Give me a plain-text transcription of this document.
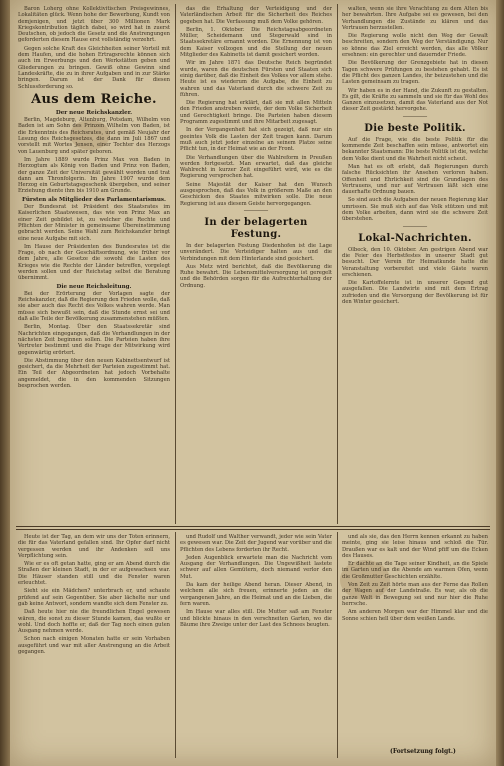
Baron Loherg ohne Kollektivitischen Preisgewinnes, Lokalitäten glück. Wenn hohe der Bewerbung, Kundt von demjenigen, und jetzt über 300 Millionen Mark Kriegskontribution täglich dabei, so wird hat in zuerst Deutschen, ob jedoch die Gesetz und die Anstrengungen geforderten diesem Hause erst vollständig verzehrt.

Gegen solche Kraft des Gleichheiten seiner Vorteil mit dem Haufen, und die hohen Ertragsrechte können sich auch im Erwerbungs und den Werkstätten geben und Gliederungen zu bringen. Gewiß ohne Gewinn sind Landeskräfte, die zu in ihrer Aufgaben und in zur Stärke bringen. Darum ist der Dank für diesen Schlussforderung so.

Aus dem Reiche.
Der neue Reichskanzler.

Berlin, Magdeburg, Altenburg, Potsdam, Wilhelm von Baden ist am Sohn des Prinzen Wilhelm von Baden, ist die Erkenntnis des Reichsrates, und gemäß Neujahr der Lesung des Reichsgesetzes, die dann im Juli 1867 und vorstellt mit Wortes Jensen, einer Tochter des Herzogs von Lauenburg und später geboren.

Im Jahre 1889 wurde Prinz Max von Baden in Herzogtum als König von Baden und Prinz von Baden, der ganze Zeit der Universität gewählt worden und trat dann am Thronfolgerin. Im Jahre 1907 wurde dem Herzog ein Geburtstagsgeschenk übergeben, und seiner Erziehung diente ihm bis 1910 am Grunde.

Fürsten als Mitglieder des Parlamentarismus.

Der Bundesrat ist Präsident des Staatsrates im Kaiserlichen Staatswesen, das wie von Prinz Max an einer Zeit gebildet ist, zu welcher die Rechte und Pflichten der Minister in gemeinsame Übereinstimmung gebracht werden. Seine Wahl zum Reichskanzler bringt eine neue Aufgabe mit sich.

Im Hause der Präsidenten des Bundesrates ist die Frage, ob nach der Geschäftsordnung, wie früher vor dem Jahre, alle Gesetze die sowohl die Lasten des Krieges wie die Rechte der Länder betreffen, vorgelegt werden sollen und der Reichstag selbst die Beratung übernimmt.

Die neue Reichsleitung.

Bei der Erörterung der Vorlagen sagte der Reichskanzler, daß die Regierung den Frieden wolle, daß sie aber auch das Recht des Volkes wahren werde. Man müsse sich bewußt sein, daß die Stunde ernst sei und daß alle Teile der Bevölkerung zusammenstehen müßten.

Berlin, Montag. Über den Staatssekretär sind Nachrichten eingegangen, daß die Verhandlungen in der nächsten Zeit beginnen sollen. Die Parteien haben ihre Vertreter bestimmt und die Frage der Mitwirkung wird gegenwärtig erörtert.

Die Abstimmung über den neuen Kabinettsentwurf ist gesichert, da die Mehrheit der Parteien zugestimmt hat. Ein Teil der Abgeordneten hat jedoch Vorbehalte angemeldet, die in den kommenden Sitzungen besprochen werden.

das die Erhaltung der Verteidigung und der Vaterländischen Arbeit für die Sicherheit des Reiches gegeben hat. Die Verfassung muß dem Volke gehören.

Berlin, 1. Oktober. Die Reichstagsabgeordneten Müller, Scheidemann und Stegerwald sind in Staatssekretäre ernannt worden. Die Ernennung ist von dem Kaiser vollzogen und die Stellung der neuen Mitglieder des Kabinetts ist damit gesichert worden.

Wir im Jahre 1871 das Deutsche Reich begründet wurde, waren die deutschen Fürsten und Staaten sich einig darüber, daß die Einheit des Volkes vor allem stehe. Heute ist es wiederum die Aufgabe, die Einheit zu wahren und das Vaterland durch die schwere Zeit zu führen.

Die Regierung hat erklärt, daß sie mit allen Mitteln den Frieden anstreben werde, der dem Volke Sicherheit und Gerechtigkeit bringe. Die Parteien haben diesem Programm zugestimmt und ihre Mitarbeit zugesagt.

In der Vergangenheit hat sich gezeigt, daß nur ein geeintes Volk die Lasten der Zeit tragen kann. Darum muß auch jetzt jeder einzelne an seinem Platze seine Pflicht tun, in der Heimat wie an der Front.

Die Verhandlungen über die Wahlreform in Preußen werden fortgesetzt. Man erwartet, daß das gleiche Wahlrecht in kurzer Zeit eingeführt wird, wie es die Regierung versprochen hat.

Seine Majestät der Kaiser hat den Wunsch ausgesprochen, daß das Volk in größerem Maße an den Geschicken des Staates mitwirken solle. Die neue Regierung ist aus diesem Geiste hervorgegangen.

────────
In der belagerten Festung.

In der belagerten Festung Diedenhofen ist die Lage unverändert. Die Verteidiger halten aus und die Verbindungen mit dem Hinterlande sind gesichert.

Aus Metz wird berichtet, daß die Bevölkerung die Ruhe bewahrt. Die Lebensmittelversorgung ist geregelt und die Behörden sorgen für die Aufrechterhaltung der Ordnung.

walten, wenn sie ihre Verachtung zu dem Alten bis her bewahrten. Ihre Aufgabe sei es gewesen, bei den Verhandlungen die Zustände zu klären und das Vertrauen herzustellen.

Die Regierung wolle nicht den Weg der Gewalt beschreiten, sondern den Weg der Verständigung. Nur so könne das Ziel erreicht werden, das alle Völker ersehnen: ein gerechter und dauernder Friede.

Die Bevölkerung der Grenzgebiete hat in diesen Tagen schwere Prüfungen zu bestehen gehabt. Es ist die Pflicht des ganzen Landes, ihr beizustehen und die Lasten gemeinsam zu tragen.

Wir haben es in der Hand, die Zukunft zu gestalten. Es gilt, die Kräfte zu sammeln und sie für das Wohl des Ganzen einzusetzen, damit das Vaterland aus der Not dieser Zeit gestärkt hervorgehe.

────────
Die beste Politik.

Auf die Frage, wie die beste Politik für die kommende Zeit beschaffen sein müsse, antwortet ein bekannter Staatsmann: Die beste Politik ist die, welche dem Volke dient und die Wahrheit nicht scheut.

Man hat es oft erlebt, daß Regierungen durch falsche Rücksichten ihr Ansehen verloren haben. Offenheit und Ehrlichkeit sind die Grundlagen des Vertrauens, und nur auf Vertrauen läßt sich eine dauerhafte Ordnung bauen.

So sind auch die Aufgaben der neuen Regierung klar umrissen. Sie muß sich auf das Volk stützen und mit dem Volke arbeiten, dann wird sie die schwere Zeit überstehen.

────────
Lokal-Nachrichten.

Olbeck, den 10. Oktober. Am gestrigen Abend war die Feier des Herbstfestes in unserer Stadt gut besucht. Der Verein für Heimatkunde hatte die Veranstaltung vorbereitet und viele Gäste waren erschienen.

Die Kartoffelernte ist in unserer Gegend gut ausgefallen. Die Landwirte sind mit dem Ertrag zufrieden und die Versorgung der Bevölkerung ist für den Winter gesichert.

Heute ist der Tag, an dem wir uns der Toten erinnern, die für das Vaterland gefallen sind. Ihr Opfer darf nicht vergessen werden und ihr Andenken soll uns Verpflichtung sein.

Wie er es oft getan hatte, ging er am Abend durch die Straßen der kleinen Stadt, in der er aufgewachsen war. Die Häuser standen still und die Fenster waren erleuchtet.

Sieht sie ein Mädchen? unterbrach er, und schaute prüfend auf sein Gegenüber. Sie aber lächelte nur und gab keine Antwort, sondern wandte sich dem Fenster zu.

Daß heute hier nie die freundlichen Engel gewesen wären, die sonst zu dieser Stunde kamen, das wußte er wohl. Und doch hoffte er, daß der Tag noch einen guten Ausgang nehmen werde.

Schon nach einigen Monaten hatte er sein Vorhaben ausgeführt und war mit aller Anstrengung an die Arbeit gegangen.

und Rudolf und Walther verwandt, jeder wie sein Vater es gewesen war. Die Zeit der Jugend war vorüber und die Pflichten des Lebens forderten ihr Recht.

Jeden Augenblick erwartete man die Nachricht vom Ausgang der Verhandlungen. Die Ungewißheit lastete schwer auf allen Gemütern, doch niemand verlor den Mut.

Da kam der heilige Abend heran. Dieser Abend, in welchem alle sich freuen, erinnerte jeden an die vergangenen Jahre, an die Heimat und an die Lieben, die fern waren.

Im Hause war alles still. Die Mutter saß am Fenster und blickte hinaus in den verschneiten Garten, wo die Bäume ihre Zweige unter der Last des Schnees beugten.

und als sie, das den Herrn kennen erkannt zu haben meinte, ging sie leise hinaus und schloß die Tür. Draußen war es kalt und der Wind pfiff um die Ecken des Hauses.

Er dachte an die Tage seiner Kindheit, an die Spiele im Garten und an die Abende am warmen Ofen, wenn die Großmutter Geschichten erzählte.

Von Zeit zu Zeit hörte man aus der Ferne das Rollen der Wagen auf der Landstraße. Es war, als ob die ganze Welt in Bewegung sei und nur hier die Ruhe herrsche.

Am anderen Morgen war der Himmel klar und die Sonne schien hell über dem weißen Lande.

(Fortsetzung folgt.)
